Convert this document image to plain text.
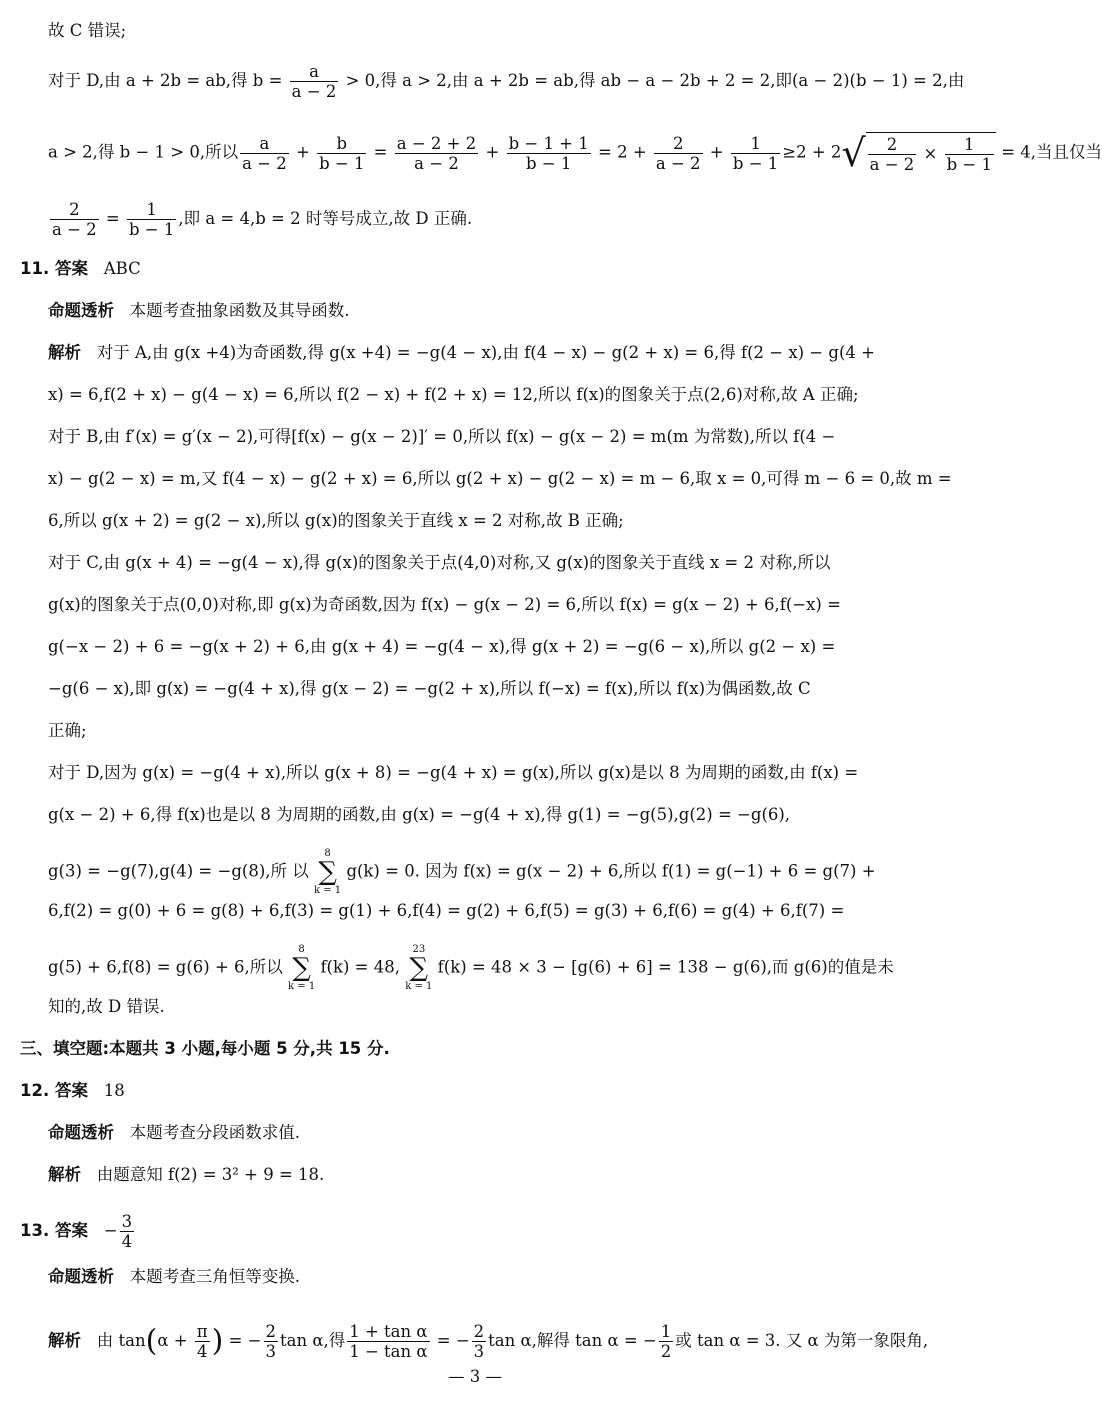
故 C 错误;
对于 D,由 a + 2b = ab,得 $b = \frac{a}{a - 2} > 0$,得 a > 2,由 a + 2b = ab,得 ab − a − 2b + 2 = 2,即(a − 2)(b − 1) = 2,由
a > 2,得 b − 1 > 0,所以 $\frac{a}{a - 2} + \frac{b}{b - 1} = \frac{a - 2 + 2}{a - 2} + \frac{b - 1 + 1}{b - 1} = 2 + \frac{2}{a - 2} + \frac{1}{b - 1} \ge 2 + 2√ \frac{2}{a - 2} \times \frac{1}{b - 1} = 4$,当且仅当
$\frac{2}{a - 2} = \frac{1}{b - 1}$ ,即 a = 4,b = 2 时等号成立,故 D 正确.
11. 答案 ABC
命题透析 本题考查抽象函数及其导函数.
解析 对于 A,由 g(x +4)为奇函数,得 g(x +4) = −g(4 − x),由 f(4 − x) − g(2 + x) = 6,得 f(2 − x) − g(4 +
x) = 6,f(2 + x) − g(4 − x) = 6,所以 f(2 − x) + f(2 + x) = 12,所以 f(x)的图象关于点(2,6)对称,故 A 正确;
对于 B,由 f′(x) = g′(x − 2),可得[f(x) − g(x − 2)]′ = 0,所以 f(x) − g(x − 2) = m(m 为常数),所以 f(4 −
x) − g(2 − x) = m,又 f(4 − x) − g(2 + x) = 6,所以 g(2 + x) − g(2 − x) = m − 6,取 x = 0,可得 m − 6 = 0,故 m =
6,所以 g(x + 2) = g(2 − x),所以 g(x)的图象关于直线 x = 2 对称,故 B 正确;
对于 C,由 g(x + 4) = −g(4 − x),得 g(x)的图象关于点(4,0)对称,又 g(x)的图象关于直线 x = 2 对称,所以
g(x)的图象关于点(0,0)对称,即 g(x)为奇函数,因为 f(x) − g(x − 2) = 6,所以 f(x) = g(x − 2) + 6,f(−x) =
g(−x − 2) + 6 = −g(x + 2) + 6,由 g(x + 4) = −g(4 − x),得 g(x + 2) = −g(6 − x),所以 g(2 − x) =
−g(6 − x),即 g(x) = −g(4 + x),得 g(x − 2) = −g(2 + x),所以 f(−x) = f(x),所以 f(x)为偶函数,故 C
正确;
对于 D,因为 g(x) = −g(4 + x),所以 g(x + 8) = −g(4 + x) = g(x),所以 g(x)是以 8 为周期的函数,由 f(x) =
g(x − 2) + 6,得 f(x)也是以 8 为周期的函数,由 g(x) = −g(4 + x),得 g(1) = −g(5),g(2) = −g(6),
g(3) = −g(7),g(4) = −g(8),所 以 8
∑
k = 1 g(k) = 0. 因为 f(x) = g(x − 2) + 6,所以 f(1) = g(−1) + 6 = g(7) +
6,f(2) = g(0) + 6 = g(8) + 6,f(3) = g(1) + 6,f(4) = g(2) + 6,f(5) = g(3) + 6,f(6) = g(4) + 6,f(7) =
g(5) + 6,f(8) = g(6) + 6,所以 8
∑
k = 1 f(k) = 48, 23
∑
k = 1 f(k) = 48 × 3 − [g(6) + 6] = 138 − g(6),而 g(6)的值是未
知的,故 D 错误.
三、填空题:本题共 3 小题,每小题 5 分,共 15 分.
12. 答案 18
命题透析 本题考查分段函数求值.
解析 由题意知 f(2) = 3² + 9 = 18.
13. 答案 − $\frac{3}{4}$
命题透析 本题考查三角恒等变换.
解析 由 $\tan(\alpha + \frac{\pi}{4}$ ) = − $\frac{2}{3}$ tan α,得 $\frac{\text{1 + tan α}}{\text{1 − tan α}}$ = − $\frac{2}{3}$ tan α,解得 tan α = − $\frac{1}{2}$ 或 tan α = 3. 又 α 为第一象限角,
— 3 —
